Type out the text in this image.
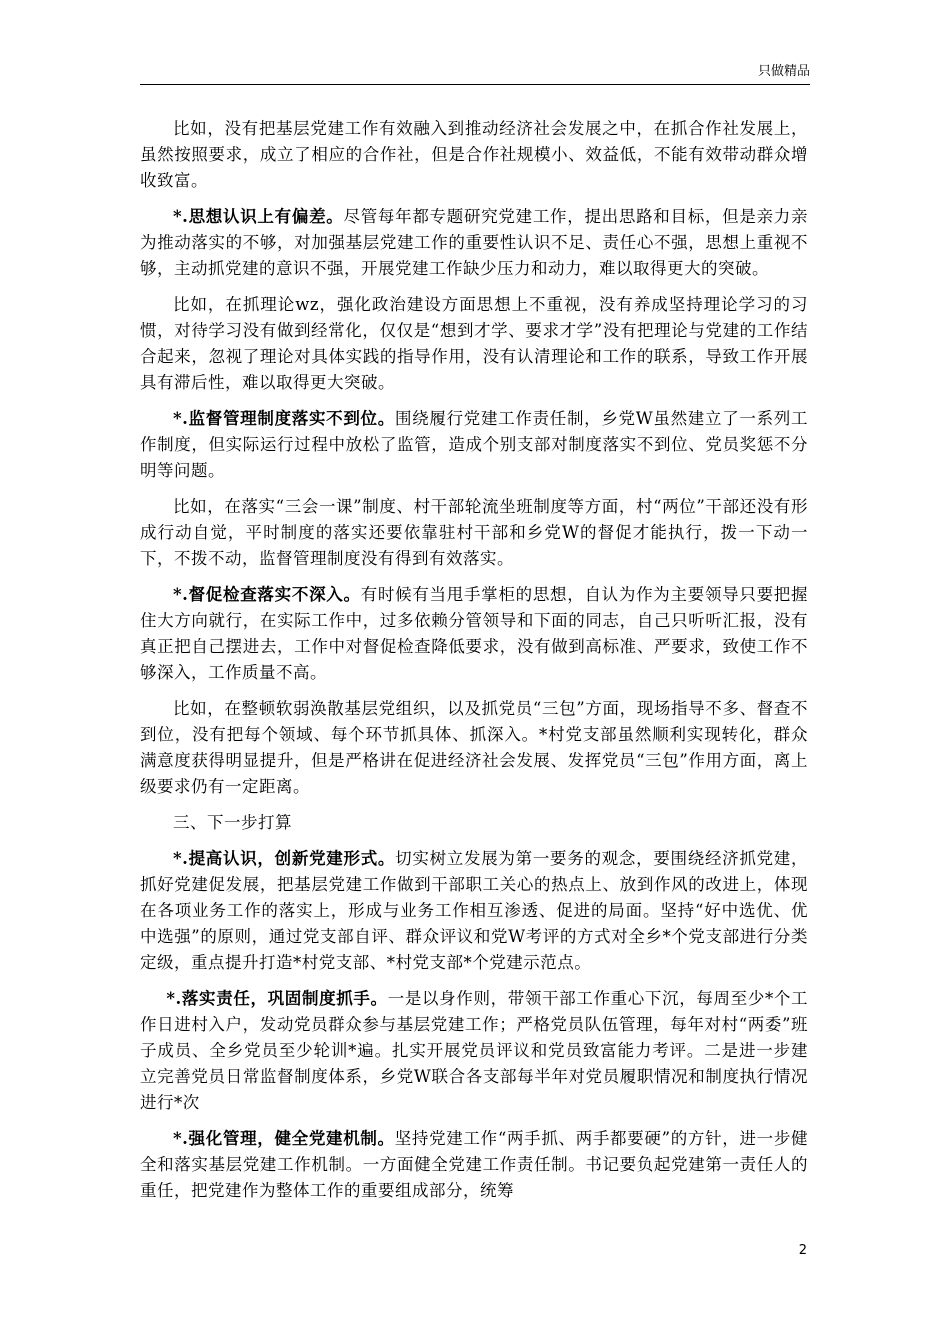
只做精品

比如，没有把基层党建工作有效融入到推动经济社会发展之中，在抓合作社发展上，虽然按照要求，成立了相应的合作社，但是合作社规模小、效益低，不能有效带动群众增收致富。

*.思想认识上有偏差。尽管每年都专题研究党建工作，提出思路和目标，但是亲力亲为推动落实的不够，对加强基层党建工作的重要性认识不足、责任心不强，思想上重视不够，主动抓党建的意识不强，开展党建工作缺少压力和动力，难以取得更大的突破。

比如，在抓理论wz，强化政治建设方面思想上不重视，没有养成坚持理论学习的习惯，对待学习没有做到经常化，仅仅是“想到才学、要求才学”没有把理论与党建的工作结合起来，忽视了理论对具体实践的指导作用，没有认清理论和工作的联系，导致工作开展具有滞后性，难以取得更大突破。

*.监督管理制度落实不到位。围绕履行党建工作责任制，乡党W虽然建立了一系列工作制度，但实际运行过程中放松了监管，造成个别支部对制度落实不到位、党员奖惩不分明等问题。

比如，在落实“三会一课”制度、村干部轮流坐班制度等方面，村“两位”干部还没有形成行动自觉，平时制度的落实还要依靠驻村干部和乡党W的督促才能执行，拨一下动一下，不拨不动，监督管理制度没有得到有效落实。

*.督促检查落实不深入。有时候有当甩手掌柜的思想，自认为作为主要领导只要把握住大方向就行，在实际工作中，过多依赖分管领导和下面的同志，自己只听听汇报，没有真正把自己摆进去，工作中对督促检查降低要求，没有做到高标准、严要求，致使工作不够深入，工作质量不高。

比如，在整顿软弱涣散基层党组织，以及抓党员“三包”方面，现场指导不多、督查不到位，没有把每个领域、每个环节抓具体、抓深入。*村党支部虽然顺利实现转化，群众满意度获得明显提升，但是严格讲在促进经济社会发展、发挥党员“三包”作用方面，离上级要求仍有一定距离。

三、下一步打算

*.提高认识，创新党建形式。切实树立发展为第一要务的观念，要围绕经济抓党建，抓好党建促发展，把基层党建工作做到干部职工关心的热点上、放到作风的改进上，体现在各项业务工作的落实上，形成与业务工作相互渗透、促进的局面。坚持“好中选优、优中选强”的原则，通过党支部自评、群众评议和党W考评的方式对全乡*个党支部进行分类定级，重点提升打造*村党支部、*村党支部*个党建示范点。

*.落实责任，巩固制度抓手。一是以身作则，带领干部工作重心下沉，每周至少*个工作日进村入户，发动党员群众参与基层党建工作；严格党员队伍管理，每年对村“两委”班子成员、全乡党员至少轮训*遍。扎实开展党员评议和党员致富能力考评。二是进一步建立完善党员日常监督制度体系，乡党W联合各支部每半年对党员履职情况和制度执行情况进行*次

*.强化管理，健全党建机制。坚持党建工作“两手抓、两手都要硬”的方针，进一步健全和落实基层党建工作机制。一方面健全党建工作责任制。书记要负起党建第一责任人的重任，把党建作为整体工作的重要组成部分，统筹

2
